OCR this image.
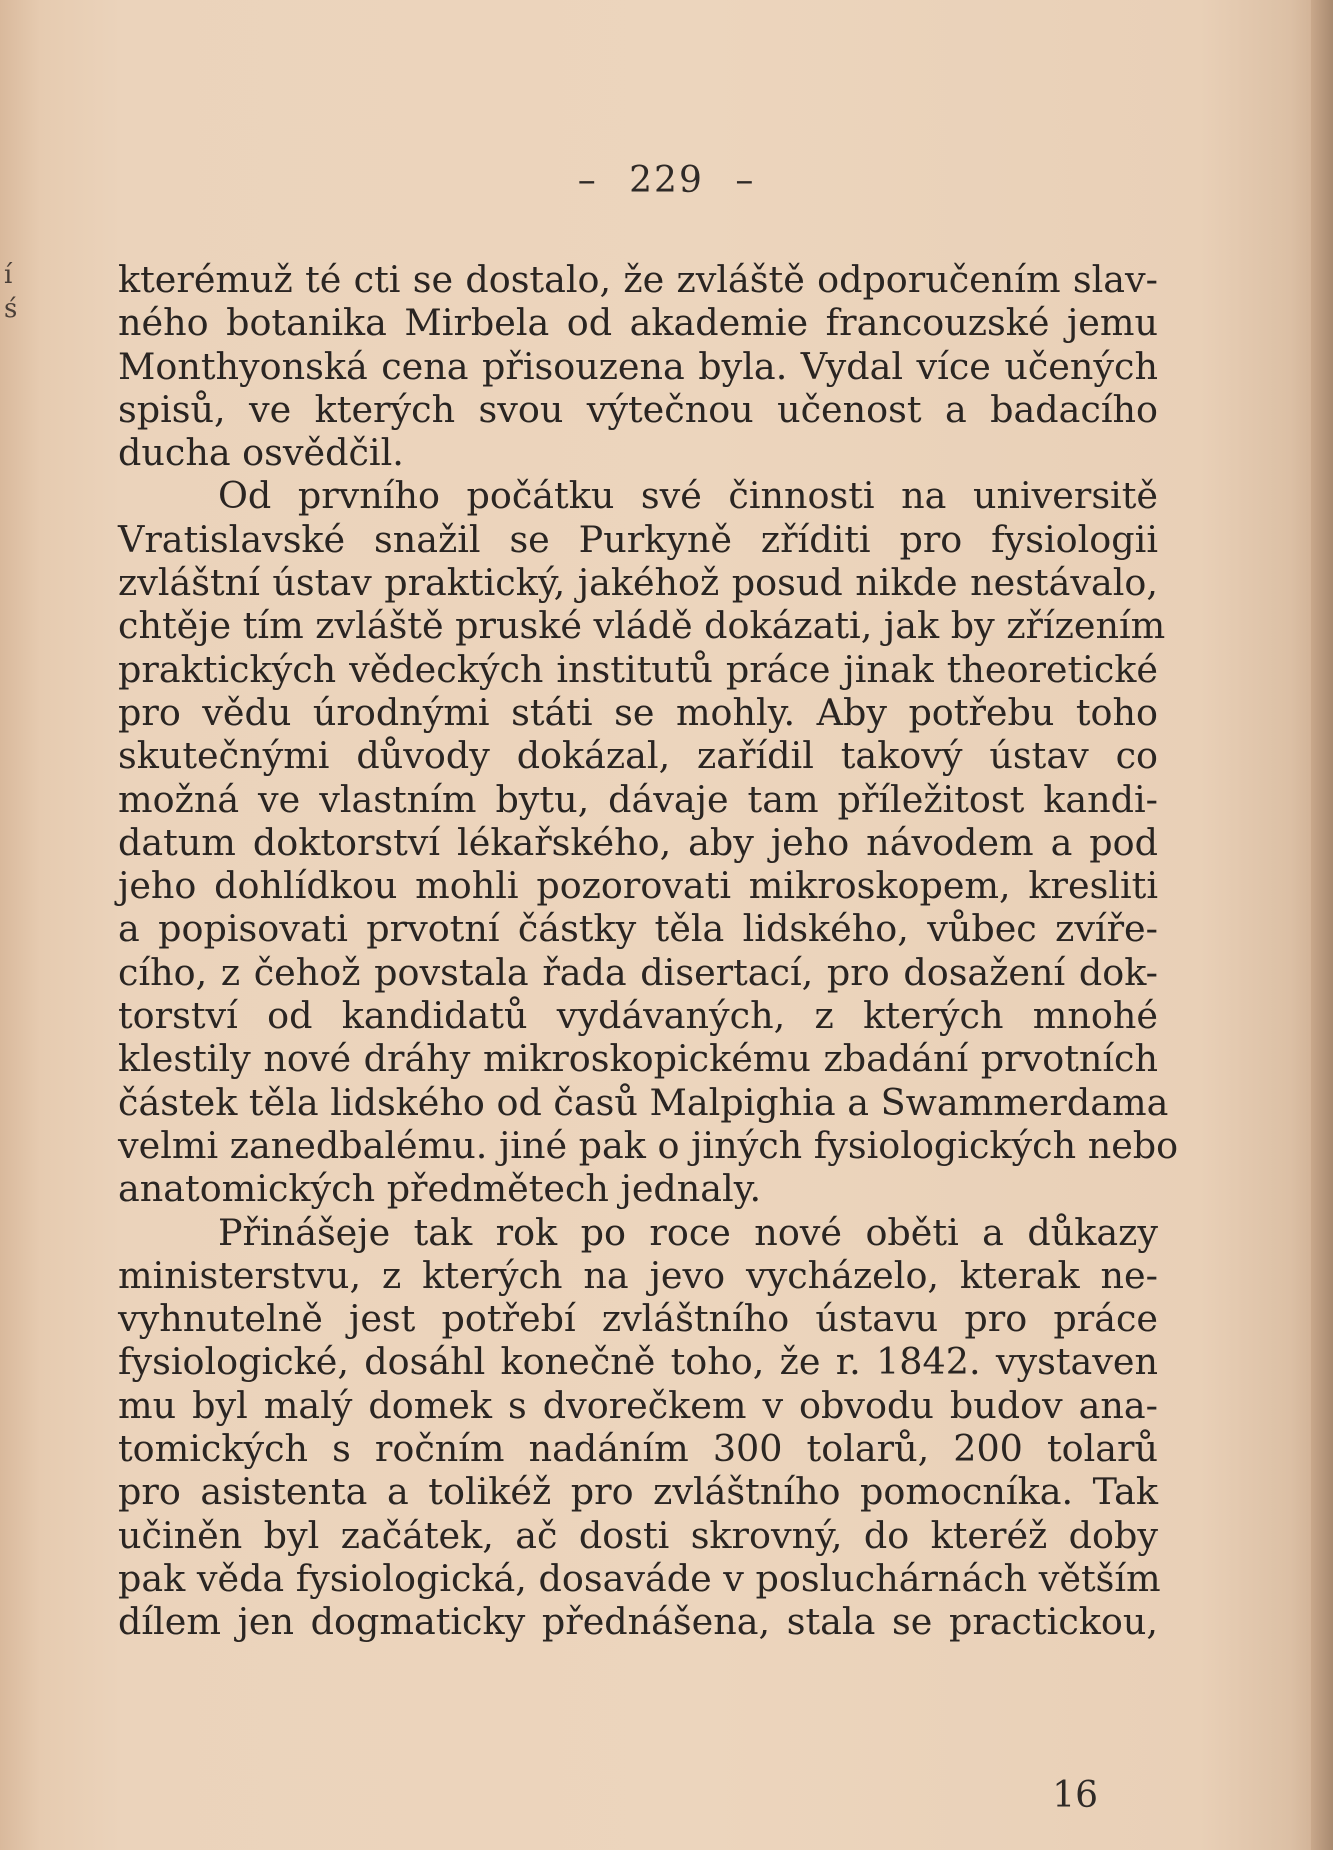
í
ś
– 229 –
kterémuž té cti se dostalo, že zvláště odporučením slav-
ného botanika Mirbela od akademie francouzské jemu
Monthyonská cena přisouzena byla. Vydal více učených
spisů, ve kterých svou výtečnou učenost a badacího
ducha osvědčil.
Od prvního počátku své činnosti na universitě
Vratislavské snažil se Purkyně zříditi pro fysiologii
zvláštní ústav praktický, jakéhož posud nikde nestávalo,
chtěje tím zvláště pruské vládě dokázati, jak by zřízením
praktických vědeckých institutů práce jinak theoretické
pro vědu úrodnými státi se mohly. Aby potřebu toho
skutečnými důvody dokázal, zařídil takový ústav co
možná ve vlastním bytu, dávaje tam příležitost kandi-
datum doktorství lékařského, aby jeho návodem a pod
jeho dohlídkou mohli pozorovati mikroskopem, kresliti
a popisovati prvotní částky těla lidského, vůbec zvíře-
cího, z čehož povstala řada disertací, pro dosažení dok-
torství od kandidatů vydávaných, z kterých mnohé
klestily nové dráhy mikroskopickému zbadání prvotních
částek těla lidského od časů Malpighia a Swammerdama
velmi zanedbalému. jiné pak o jiných fysiologických nebo
anatomických předmětech jednaly.
Přinášeje tak rok po roce nové oběti a důkazy
ministerstvu, z kterých na jevo vycházelo, kterak ne-
vyhnutelně jest potřebí zvláštního ústavu pro práce
fysiologické, dosáhl konečně toho, že r. 1842. vystaven
mu byl malý domek s dvorečkem v obvodu budov ana-
tomických s ročním nadáním 300 tolarů, 200 tolarů
pro asistenta a tolikéž pro zvláštního pomocníka. Tak
učiněn byl začátek, ač dosti skrovný, do kteréž doby
pak věda fysiologická, dosaváde v posluchárnách větším
dílem jen dogmaticky přednášena, stala se practickou,
16
